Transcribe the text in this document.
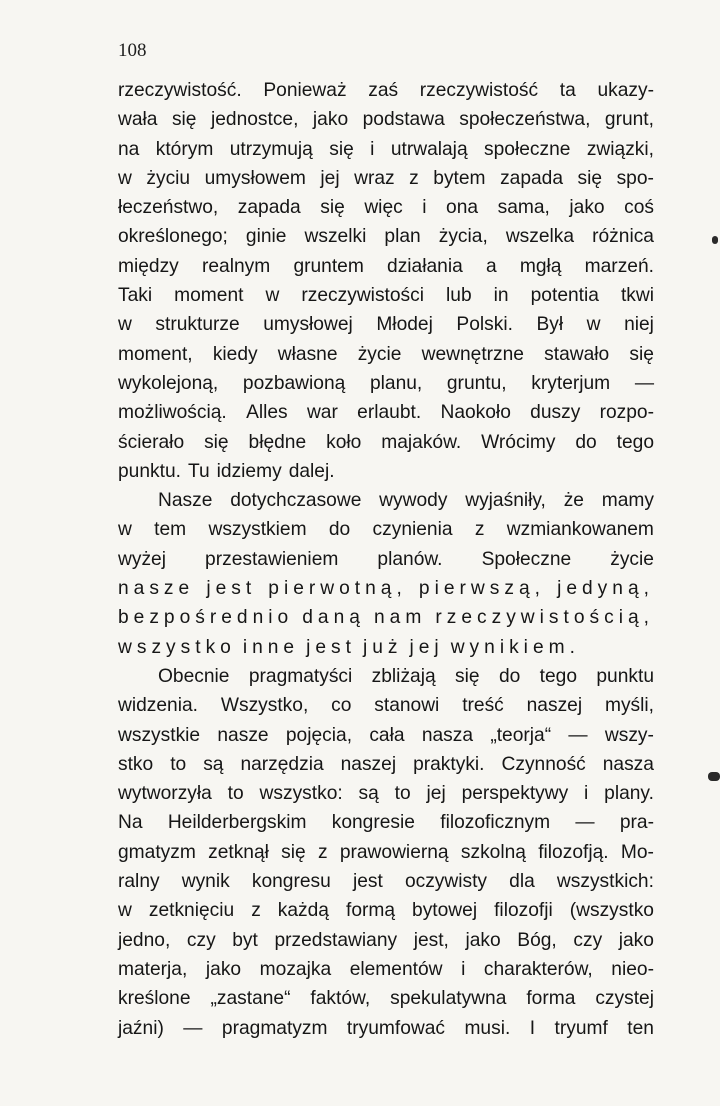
108
rzeczywistość. Ponieważ zaś rzeczywistość ta ukazy-
wała się jednostce, jako podstawa społeczeństwa, grunt,
na którym utrzymują się i utrwalają społeczne związki,
w życiu umysłowem jej wraz z bytem zapada się spo-
łeczeństwo, zapada się więc i ona sama, jako coś
określonego; ginie wszelki plan życia, wszelka różnica
między realnym gruntem działania a mgłą marzeń.
Taki moment w rzeczywistości lub in potentia tkwi
w strukturze umysłowej Młodej Polski. Był w niej
moment, kiedy własne życie wewnętrzne stawało się
wykolejoną, pozbawioną planu, gruntu, kryterjum —
możliwością. Alles war erlaubt. Naokoło duszy rozpo-
ścierało się błędne koło majaków. Wrócimy do tego
punktu. Tu idziemy dalej.
Nasze dotychczasowe wywody wyjaśniły, że mamy
w tem wszystkiem do czynienia z wzmiankowanem
wyżej przestawieniem planów. Społeczne życie
nasze jest pierwotną, pierwszą, jedyną,
bezpośrednio daną nam rzeczywistością,
wszystko inne jest już jej wynikiem.
Obecnie pragmatyści zbliżają się do tego punktu
widzenia. Wszystko, co stanowi treść naszej myśli,
wszystkie nasze pojęcia, cała nasza „teorja“ — wszy-
stko to są narzędzia naszej praktyki. Czynność nasza
wytworzyła to wszystko: są to jej perspektywy i plany.
Na Heilderbergskim kongresie filozoficznym — pra-
gmatyzm zetknął się z prawowierną szkolną filozofją. Mo-
ralny wynik kongresu jest oczywisty dla wszystkich:
w zetknięciu z każdą formą bytowej filozofji (wszystko
jedno, czy byt przedstawiany jest, jako Bóg, czy jako
materja, jako mozajka elementów i charakterów, nieo-
kreślone „zastane“ faktów, spekulatywna forma czystej
jaźni) — pragmatyzm tryumfować musi. I tryumf ten
